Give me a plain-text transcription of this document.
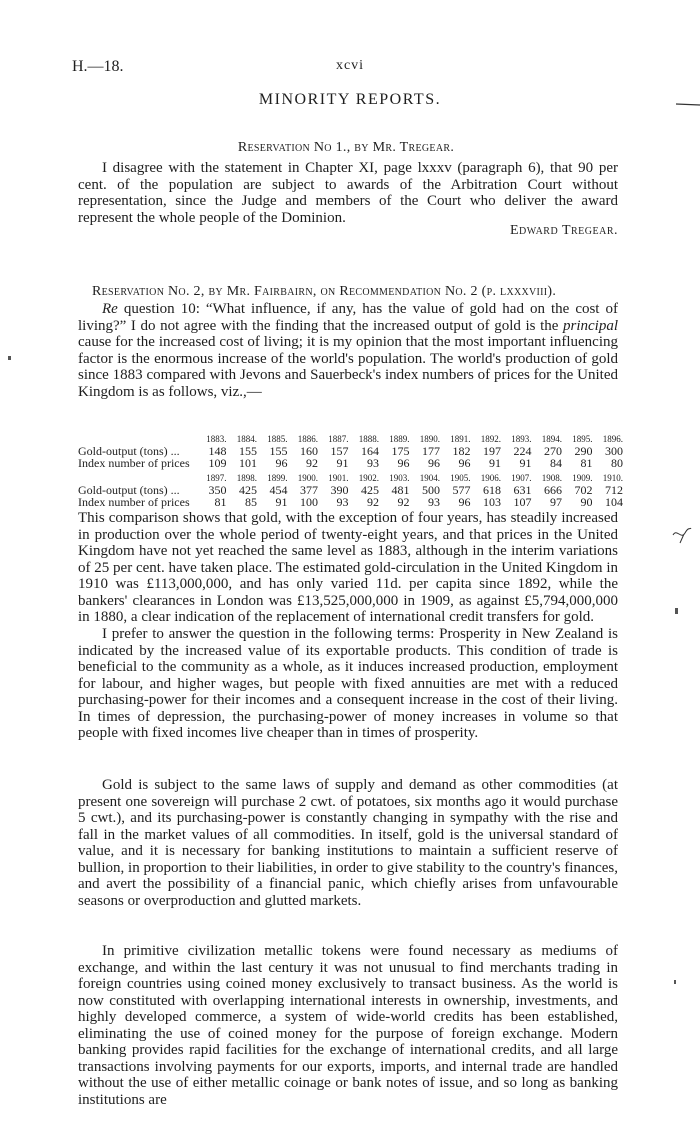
H.—18.	xcvi
MINORITY REPORTS.
Reservation No 1., by Mr. Tregear.

I disagree with the statement in Chapter XI, page lxxxv (paragraph 6), that 90 per cent. of the population are subject to awards of the Arbitration Court without representation, since the Judge and members of the Court who deliver the award represent the whole people of the Dominion.

Edward Tregear.
Reservation No. 2, by Mr. Fairbairn, on Recommendation No. 2 (p. lxxxviii).

Re question 10: “What influence, if any, has the value of gold had on the cost of living?” I do not agree with the finding that the increased output of gold is the principal cause for the increased cost of living; it is my opinion that the most important influencing factor is the enormous increase of the world's population. The world's production of gold since 1883 compared with Jevons and Sauerbeck's index numbers of prices for the United Kingdom is as follows, viz.,—

	1883.	1884.	1885.	1886.	1887.	1888.	1889.	1890.	1891.	1892.	1893.	1894.	1895.	1896.
Gold-output (tons) ...	148	155	155	160	157	164	175	177	182	197	224	270	290	300
Index number of prices	109	101	96	92	91	93	96	96	96	91	91	84	81	80
	1897.	1898.	1899.	1900.	1901.	1902.	1903.	1904.	1905.	1906.	1907.	1908.	1909.	1910.
Gold-output (tons) ...	350	425	454	377	390	425	481	500	577	618	631	666	702	712
Index number of prices	81	85	91	100	93	92	92	93	96	103	107	97	90	104

This comparison shows that gold, with the exception of four years, has steadily increased in production over the whole period of twenty-eight years, and that prices in the United Kingdom have not yet reached the same level as 1883, although in the interim variations of 25 per cent. have taken place. The estimated gold-circulation in the United Kingdom in 1910 was £113,000,000, and has only varied 11d. per capita since 1892, while the bankers' clearances in London was £13,525,000,000 in 1909, as against £5,794,000,000 in 1880, a clear indication of the replacement of international credit transfers for gold.

I prefer to answer the question in the following terms: Prosperity in New Zealand is indicated by the increased value of its exportable products. This condition of trade is beneficial to the community as a whole, as it induces increased production, employment for labour, and higher wages, but people with fixed annuities are met with a reduced purchasing-power for their incomes and a consequent increase in the cost of their living. In times of depression, the purchasing-power of money increases in volume so that people with fixed incomes live cheaper than in times of prosperity.

Gold is subject to the same laws of supply and demand as other commodities (at present one sovereign will purchase 2 cwt. of potatoes, six months ago it would purchase 5 cwt.), and its purchasing-power is constantly changing in sympathy with the rise and fall in the market values of all commodities. In itself, gold is the universal standard of value, and it is necessary for banking institutions to maintain a sufficient reserve of bullion, in proportion to their liabilities, in order to give stability to the country's finances, and avert the possibility of a financial panic, which chiefly arises from unfavourable seasons or overproduction and glutted markets.

In primitive civilization metallic tokens were found necessary as mediums of exchange, and within the last century it was not unusual to find merchants trading in foreign countries using coined money exclusively to transact business. As the world is now constituted with overlapping international interests in ownership, investments, and highly developed commerce, a system of wide-world credits has been established, eliminating the use of coined money for the purpose of foreign exchange. Modern banking provides rapid facilities for the exchange of international credits, and all large transactions involving payments for our exports, imports, and internal trade are handled without the use of either metallic coinage or bank notes of issue, and so long as banking institutions are
